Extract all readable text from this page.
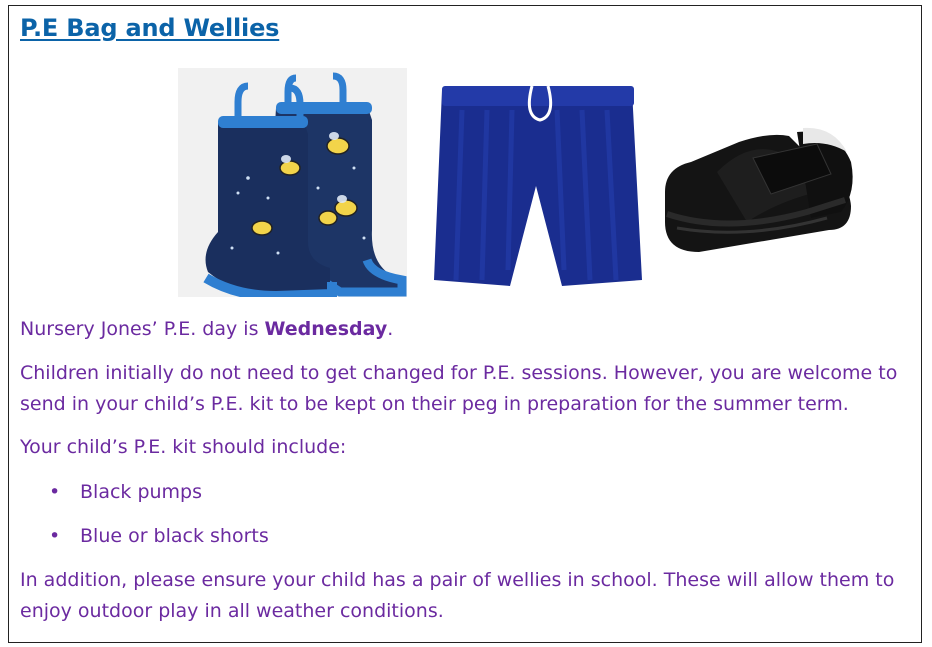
P.E Bag and Wellies

Nursery Jones’ P.E. day is Wednesday.

Children initially do not need to get changed for P.E. sessions. However, you are welcome to send in your child’s P.E. kit to be kept on their peg in preparation for the summer term.

Your child’s P.E. kit should include:

• Black pumps
• Blue or black shorts

In addition, please ensure your child has a pair of wellies in school. These will allow them to enjoy outdoor play in all weather conditions.
